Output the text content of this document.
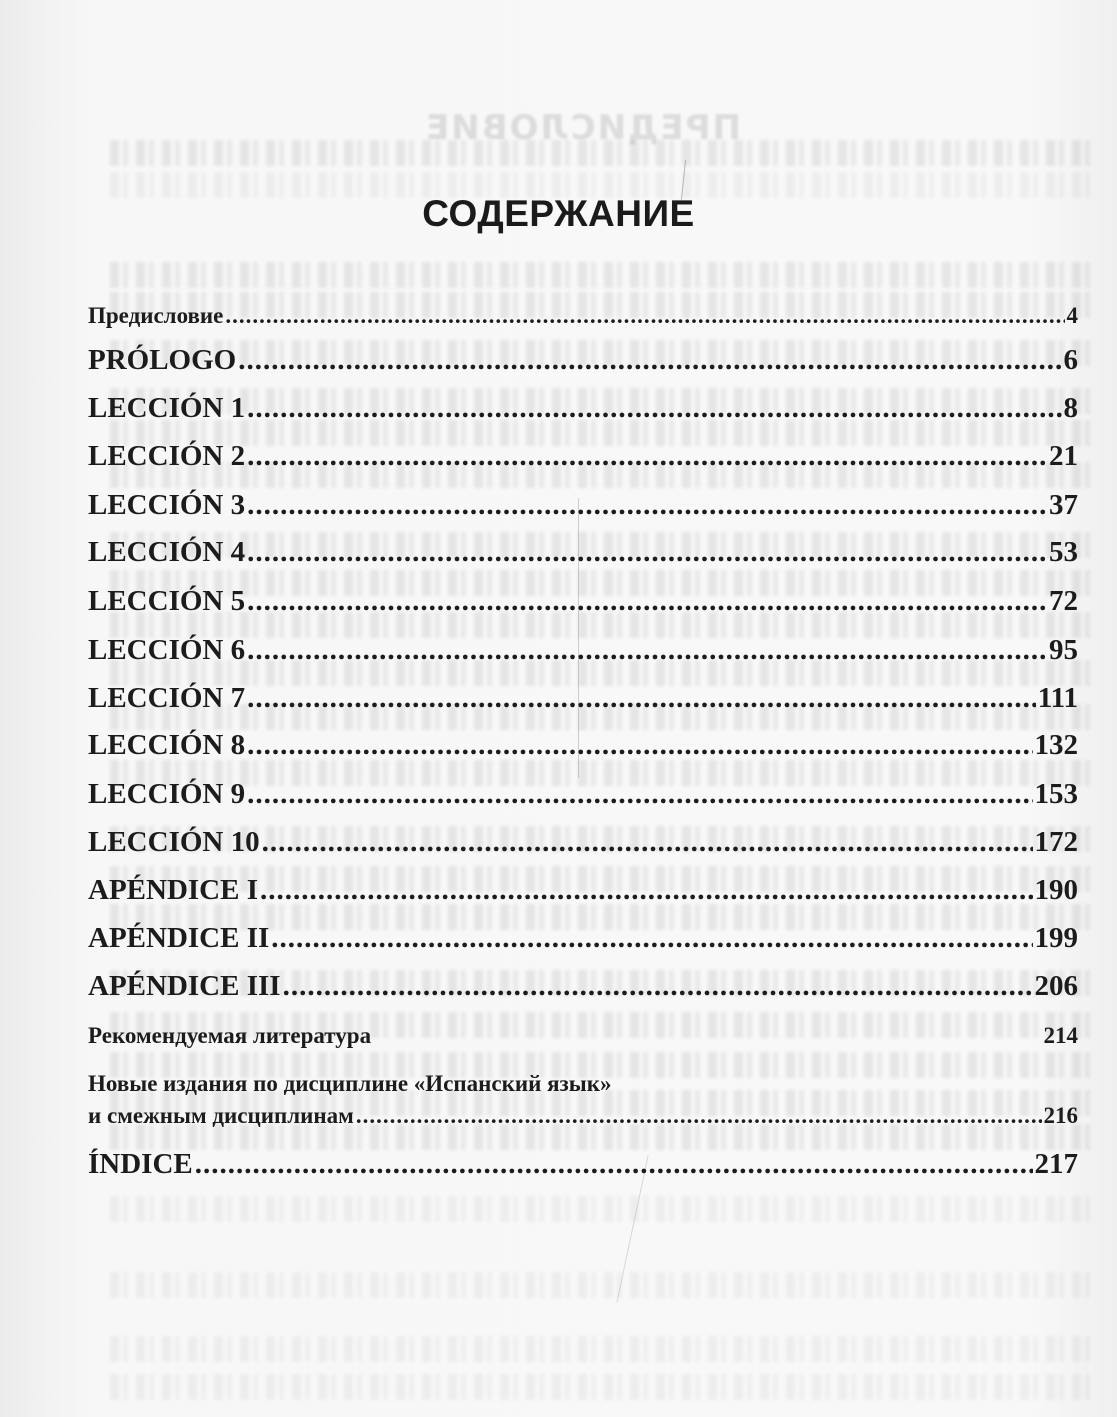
ПРЕДИСЛОВИЕ
СОДЕРЖАНИЕ
Предисловие .....	4
PRÓLOGO .....	6
LECCIÓN 1 .....	8
LECCIÓN 2 .....	21
LECCIÓN 3 .....	37
LECCIÓN 4 .....	53
LECCIÓN 5 .....	72
LECCIÓN 6 .....	95
LECCIÓN 7 .....	111
LECCIÓN 8 .....	132
LECCIÓN 9 .....	153
LECCIÓN 10 .....	172
APÉNDICE I .....	190
APÉNDICE II .....	199
APÉNDICE III .....	206
Рекомендуемая литература	214
Новые издания по дисциплине «Испанский язык»
и смежным дисциплинам .....	216
ÍNDICE .....	217
